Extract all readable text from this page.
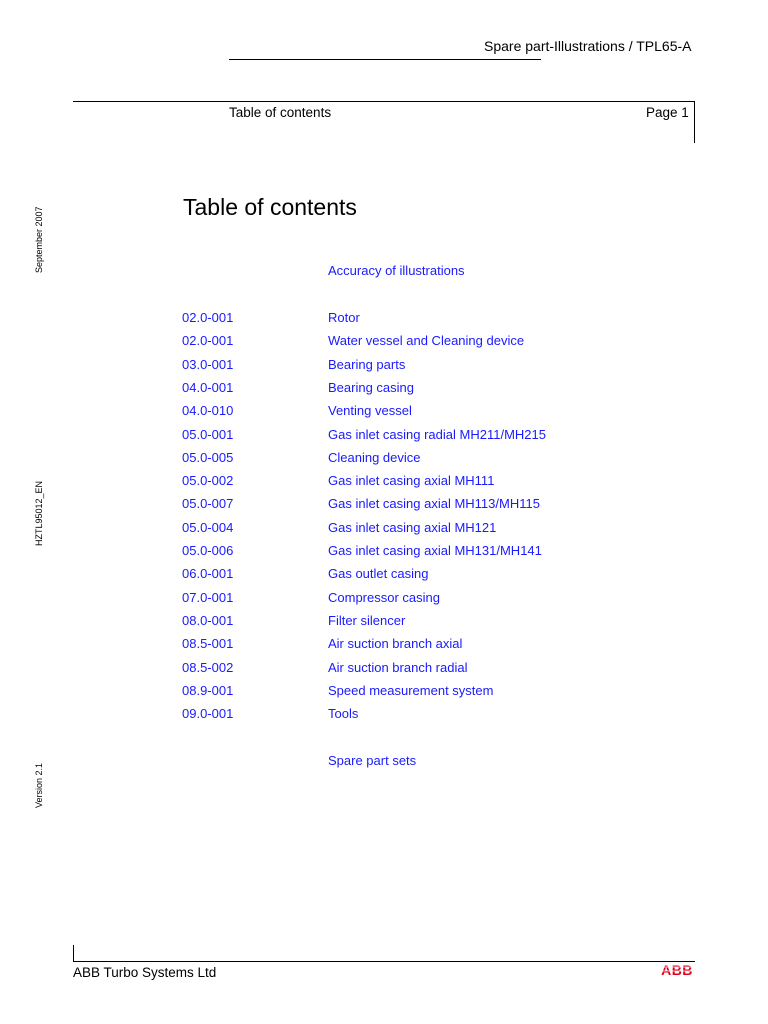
Spare part-Illustrations / TPL65-A
Table of contents	Page 1
September 2007
HZTL95012_EN
Version 2.1
Table of contents
Accuracy of illustrations
02.0-001	Rotor
02.0-001	Water vessel and Cleaning device
03.0-001	Bearing parts
04.0-001	Bearing casing
04.0-010	Venting vessel
05.0-001	Gas inlet casing radial MH211/MH215
05.0-005	Cleaning device
05.0-002	Gas inlet casing axial MH111
05.0-007	Gas inlet casing axial MH113/MH115
05.0-004	Gas inlet casing axial MH121
05.0-006	Gas inlet casing axial MH131/MH141
06.0-001	Gas outlet casing
07.0-001	Compressor casing
08.0-001	Filter silencer
08.5-001	Air suction branch axial
08.5-002	Air suction branch radial
08.9-001	Speed measurement system
09.0-001	Tools
Spare part sets
ABB Turbo Systems Ltd	ABB
